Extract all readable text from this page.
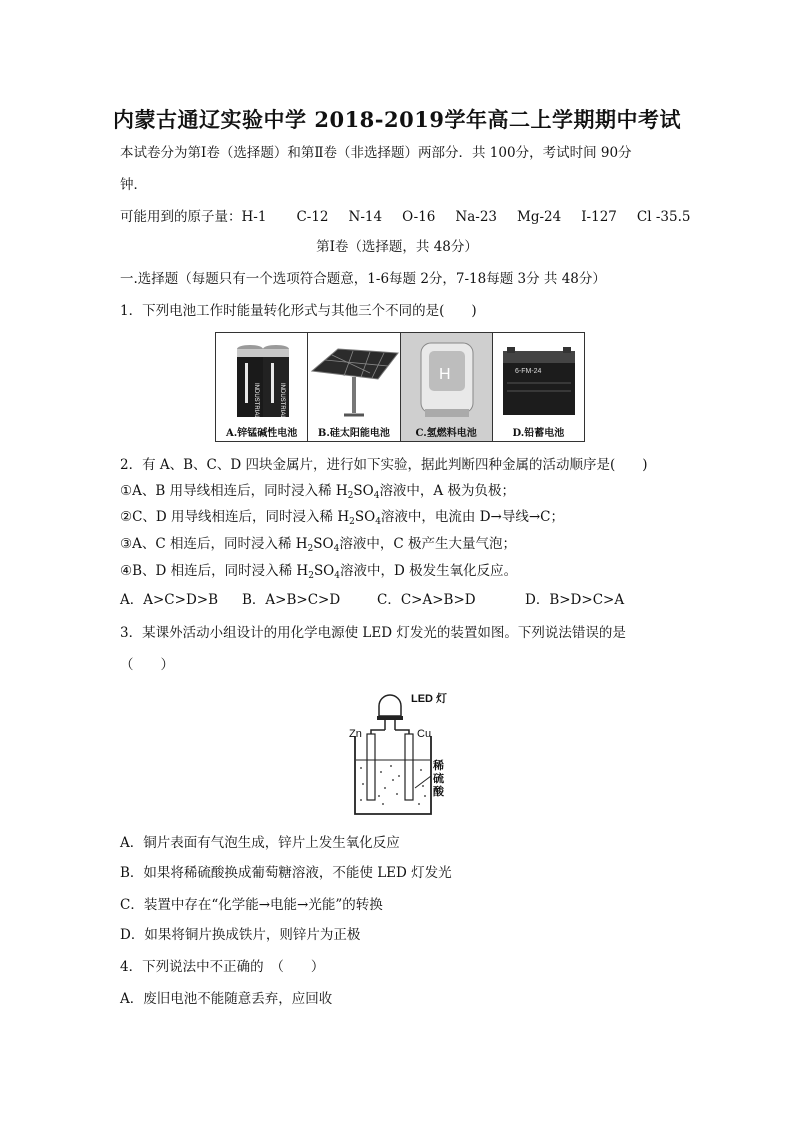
内蒙古通辽实验中学 2018-2019学年高二上学期期中考试
本试卷分为第Ⅰ卷（选择题）和第Ⅱ卷（非选择题）两部分．共 100分，考试时间 90分
钟．
可能用到的原子量：H-1 C-12 N-14 O-16 Na-23 Mg-24 I-127 Cl -35.5
第Ⅰ卷（选择题，共 48分）
一.选择题（每题只有一个选项符合题意，1-6每题 2分，7-18每题 3分 共 48分）
1．下列电池工作时能量转化形式与其他三个不同的是(　　)
INDUSTRIAL	INDUSTRIAL
A.锌锰碱性电池	B.硅太阳能电池
H
C.氢燃料电池
6-FM-24
D.铅蓄电池
2．有 A、B、C、D 四块金属片，进行如下实验，据此判断四种金属的活动顺序是(　　)
①A、B 用导线相连后，同时浸入稀 $H_2SO_4$溶液中，A 极为负极；
②C、D 用导线相连后，同时浸入稀 $H_2SO_4$溶液中，电流由 D→导线→C；
③A、C 相连后，同时浸入稀 $H_2SO_4$溶液中，C 极产生大量气泡；
④B、D 相连后，同时浸入稀 $H_2SO_4$溶液中，D 极发生氧化反应。
A．A>C>D>B B．A>B>C>D	C．C>A>B>D	D．B>D>C>A
3．某课外活动小组设计的用化学电源使 LED 灯发光的装置如图。下列说法错误的是
（　　）
LED 灯
Zn	Cu
稀硫酸
A．铜片表面有气泡生成，锌片上发生氧化反应
B．如果将稀硫酸换成葡萄糖溶液，不能使 LED 灯发光
C．装置中存在“化学能→电能→光能”的转换
D．如果将铜片换成铁片，则锌片为正极
4．下列说法中不正确的　（　　）
A．废旧电池不能随意丢弃，应回收
